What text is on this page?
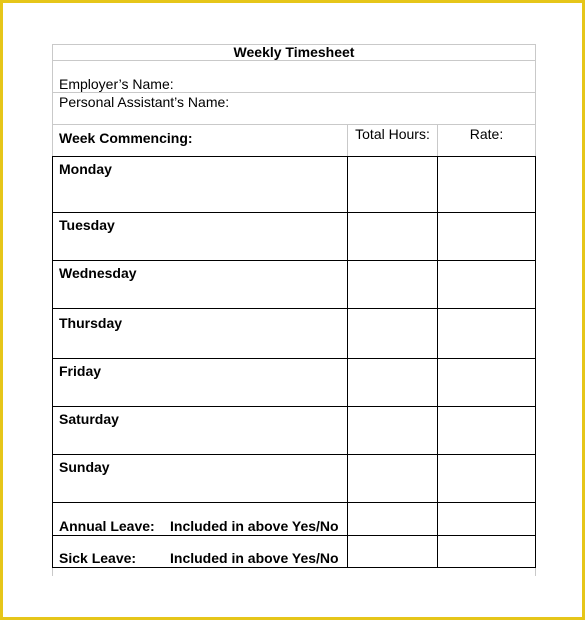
Weekly Timesheet
Employer’s Name:
Personal Assistant’s Name:
Week Commencing:	Total Hours:	Rate:
Monday
Tuesday
Wednesday
Thursday
Friday
Saturday
Sunday
Annual Leave:	Included in above Yes/No
Sick Leave:	Included in above Yes/No
